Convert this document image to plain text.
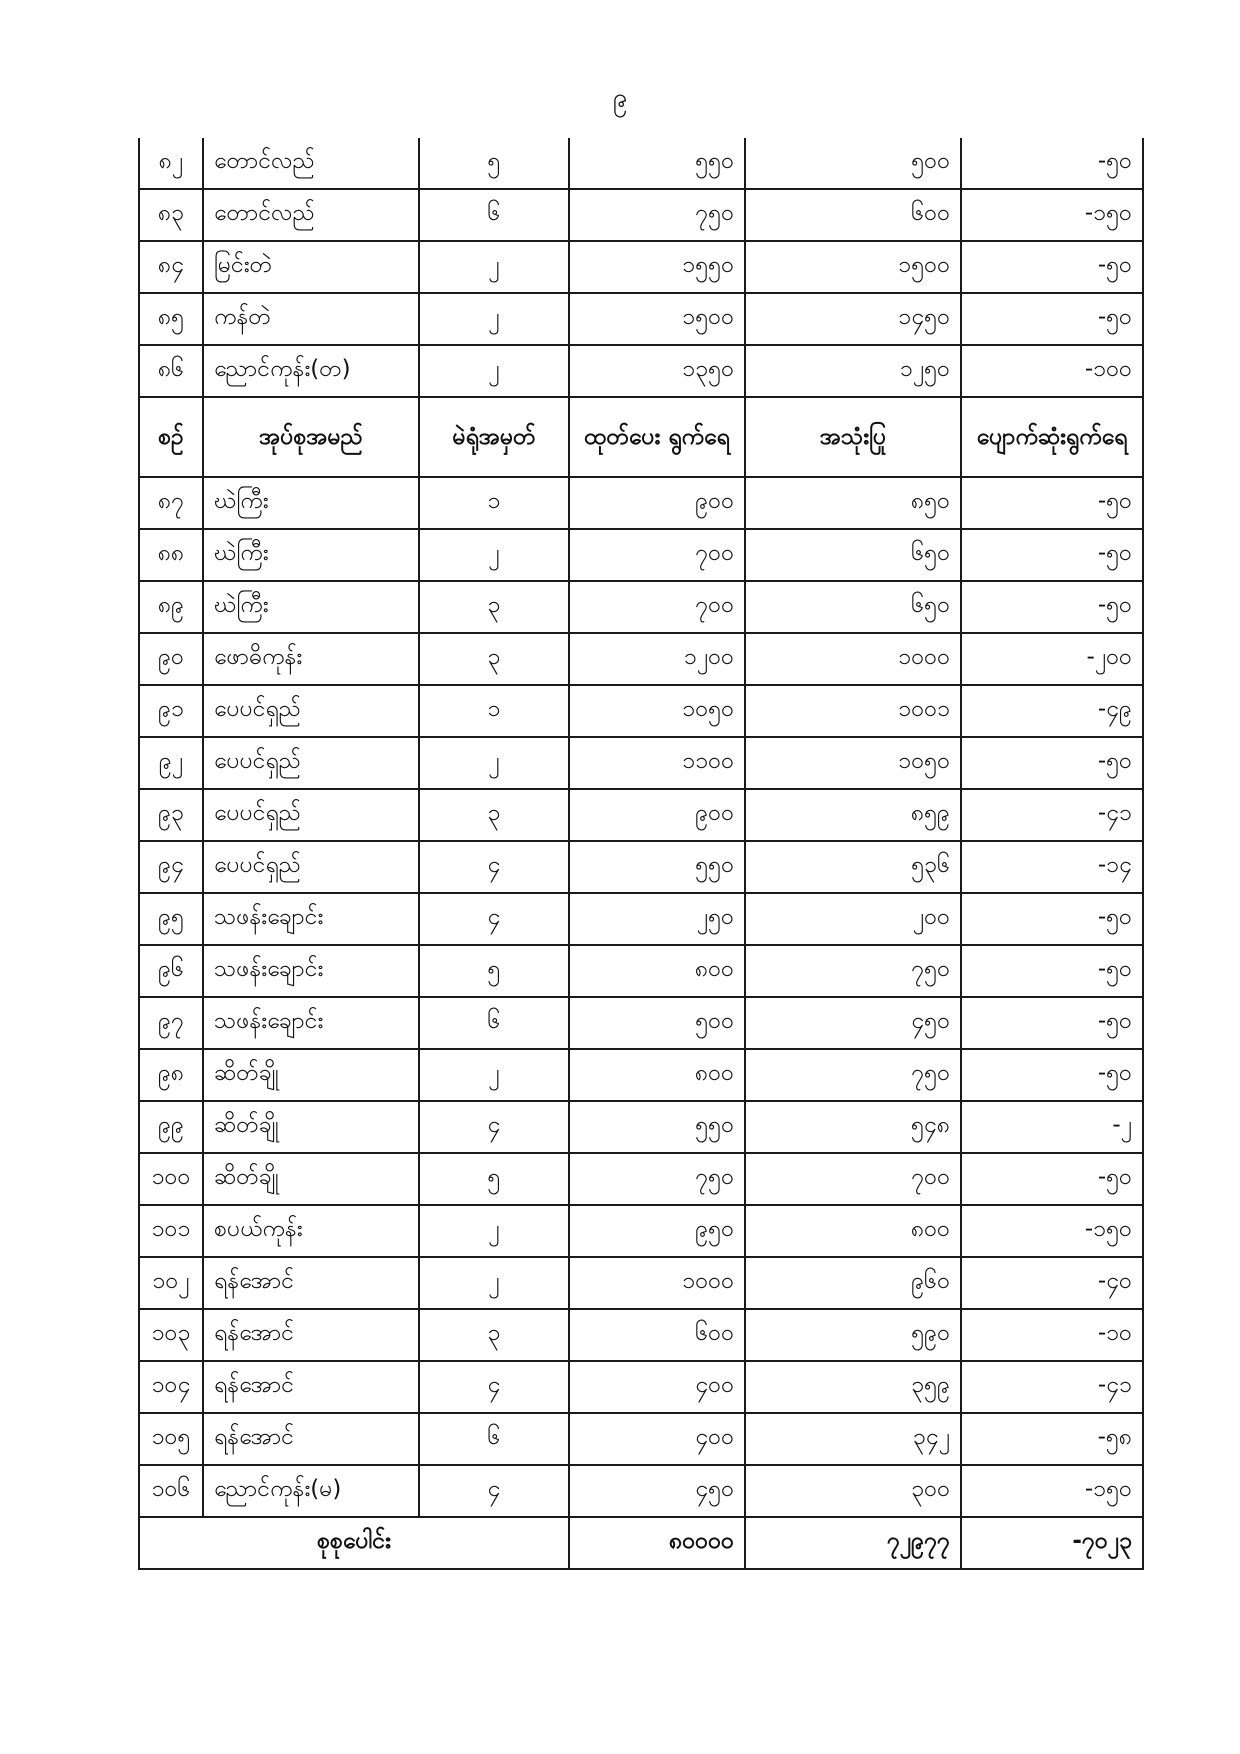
၉
၈၂	တောင်လည်	၅	၅၅၀	၅၀၀	-၅၀
၈၃	တောင်လည်	၆	၇၅၀	၆၀၀	-၁၅၀
၈၄	မြင်းတဲ	၂	၁၅၅၀	၁၅၀၀	-၅၀
၈၅	ကန်တဲ	၂	၁၅၀၀	၁၄၅၀	-၅၀
၈၆	ညောင်ကုန်း(တ)	၂	၁၃၅၀	၁၂၅၀	-၁၀၀
စဉ်	အုပ်စုအမည်	မဲရုံအမှတ်	ထုတ်ပေး ရွက်ရေ	အသုံးပြု	ပျောက်ဆုံးရွက်ရေ
၈၇	ဃဲကြီး	၁	၉၀၀	၈၅၀	-၅၀
၈၈	ဃဲကြီး	၂	၇၀၀	၆၅၀	-၅၀
၈၉	ဃဲကြီး	၃	၇၀၀	၆၅၀	-၅၀
၉၀	ဖောဓိကုန်း	၃	၁၂၀၀	၁၀၀၀	-၂၀၀
၉၁	ပေပင်ရှည်	၁	၁၀၅၀	၁၀၀၁	-၄၉
၉၂	ပေပင်ရှည်	၂	၁၁၀၀	၁၀၅၀	-၅၀
၉၃	ပေပင်ရှည်	၃	၉၀၀	၈၅၉	-၄၁
၉၄	ပေပင်ရှည်	၄	၅၅၀	၅၃၆	-၁၄
၉၅	သဖန်းချောင်း	၄	၂၅၀	၂၀၀	-၅၀
၉၆	သဖန်းချောင်း	၅	၈၀၀	၇၅၀	-၅၀
၉၇	သဖန်းချောင်း	၆	၅၀၀	၄၅၀	-၅၀
၉၈	ဆိတ်ချို	၂	၈၀၀	၇၅၀	-၅၀
၉၉	ဆိတ်ချို	၄	၅၅၀	၅၄၈	-၂
၁၀၀	ဆိတ်ချို	၅	၇၅၀	၇၀၀	-၅၀
၁၀၁	စပယ်ကုန်း	၂	၉၅၀	၈၀၀	-၁၅၀
၁၀၂	ရန်အောင်	၂	၁၀၀၀	၉၆၀	-၄၀
၁၀၃	ရန်အောင်	၃	၆၀၀	၅၉၀	-၁၀
၁၀၄	ရန်အောင်	၄	၄၀၀	၃၅၉	-၄၁
၁၀၅	ရန်အောင်	၆	၄၀၀	၃၄၂	-၅၈
၁၀၆	ညောင်ကုန်း(မ)	၄	၄၅၀	၃၀၀	-၁၅၀
စုစုပေါင်း			၈၀၀၀၀	၇၂၉၇၇	-၇၀၂၃
